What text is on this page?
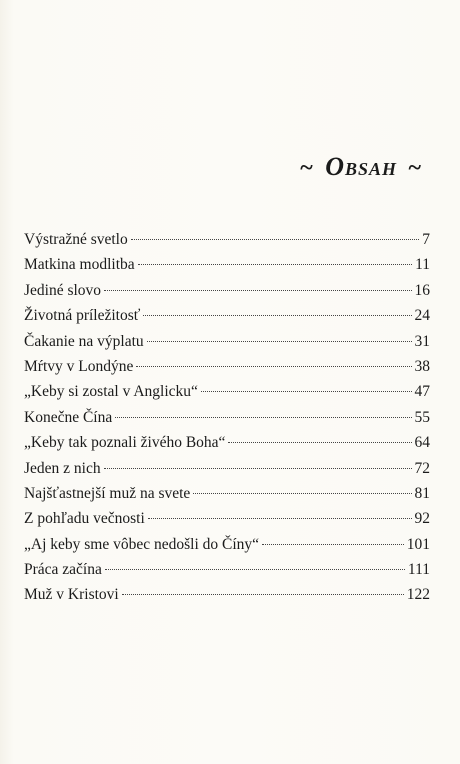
~ Obsah ~
Výstražné svetlo	7
Matkina modlitba	11
Jediné slovo	16
Životná príležitosť	24
Čakanie na výplatu	31
Mŕtvy v Londýne	38
„Keby si zostal v Anglicku“	47
Konečne Čína	55
„Keby tak poznali živého Boha“	64
Jeden z nich	72
Najšťastnejší muž na svete	81
Z pohľadu večnosti	92
„Aj keby sme vôbec nedošli do Číny“	101
Práca začína	111
Muž v Kristovi	122
